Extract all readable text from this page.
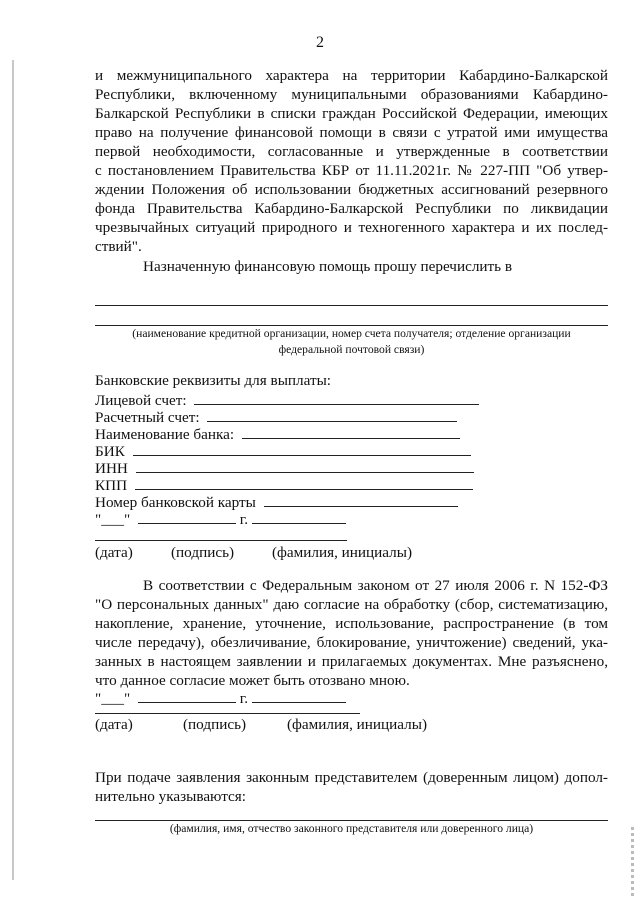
2
и межмуниципального характера на территории Кабардино-Балкарской
Республики, включенному муниципальными образованиями Кабардино-
Балкарской Республики в списки граждан Российской Федерации, имеющих
право на получение финансовой помощи в связи с утратой ими имущества
первой необходимости, согласованные и утвержденные в соответствии
с постановлением Правительства КБР от 11.11.2021г. № 227-ПП "Об утвер-
ждении Положения об использовании бюджетных ассигнований резервного
фонда Правительства Кабардино-Балкарской Республики по ликвидации
чрезвычайных ситуаций природного и техногенного характера и их послед-
ствий".
Назначенную финансовую помощь прошу перечислить в
(наименование кредитной организации, номер счета получателя; отделение организации
федеральной почтовой связи)
Банковские реквизиты для выплаты:
Лицевой счет:
Расчетный счет:
Наименование банка:
БИК
ИНН
КПП
Номер банковской карты
"___"	г.
(дата)	(подпись) (фамилия, инициалы)
В соответствии с Федеральным законом от 27 июля 2006 г. N 152-ФЗ
"О персональных данных" даю согласие на обработку (сбор, систематизацию,
накопление, хранение, уточнение, использование, распространение (в том
числе передачу), обезличивание, блокирование, уничтожение) сведений, ука-
занных в настоящем заявлении и прилагаемых документах. Мне разъяснено,
что данное согласие может быть отозвано мною.
"___"	г.
(дата)	(подпись)	(фамилия, инициалы)
При подаче заявления законным представителем (доверенным лицом) допол-
нительно указываются:
(фамилия, имя, отчество законного представителя или доверенного лица)
